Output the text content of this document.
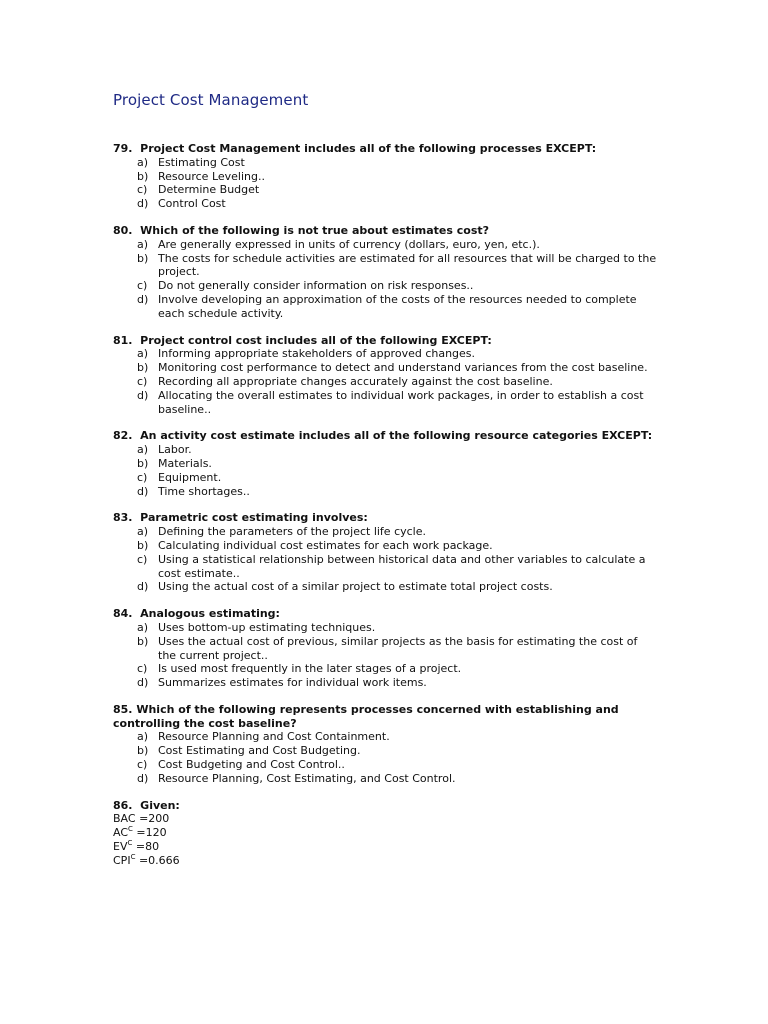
Project Cost Management

79. Project Cost Management includes all of the following processes EXCEPT:

a) Estimating Cost
b) Resource Leveling..
c) Determine Budget
d) Control Cost

80. Which of the following is not true about estimates cost?

a) Are generally expressed in units of currency (dollars, euro, yen, etc.).
b) The costs for schedule activities are estimated for all resources that will be charged to the project.
c) Do not generally consider information on risk responses..
d) Involve developing an approximation of the costs of the resources needed to complete each schedule activity.

81. Project control cost includes all of the following EXCEPT:

a) Informing appropriate stakeholders of approved changes.
b) Monitoring cost performance to detect and understand variances from the cost baseline.
c) Recording all appropriate changes accurately against the cost baseline.
d) Allocating the overall estimates to individual work packages, in order to establish a cost baseline..

82. An activity cost estimate includes all of the following resource categories EXCEPT:

a) Labor.
b) Materials.
c) Equipment.
d) Time shortages..

83. Parametric cost estimating involves:

a) Defining the parameters of the project life cycle.
b) Calculating individual cost estimates for each work package.
c) Using a statistical relationship between historical data and other variables to calculate a cost estimate..
d) Using the actual cost of a similar project to estimate total project costs.

84. Analogous estimating:

a) Uses bottom-up estimating techniques.
b) Uses the actual cost of previous, similar projects as the basis for estimating the cost of the current project..
c) Is used most frequently in the later stages of a project.
d) Summarizes estimates for individual work items.

85. Which of the following represents processes concerned with establishing and controlling the cost baseline?

a) Resource Planning and Cost Containment.
b) Cost Estimating and Cost Budgeting.
c) Cost Budgeting and Cost Control..
d) Resource Planning, Cost Estimating, and Cost Control.

86. Given:

BAC =200
$AC^C =120$
$EV^C =80$
$CPI^C =0.666$
